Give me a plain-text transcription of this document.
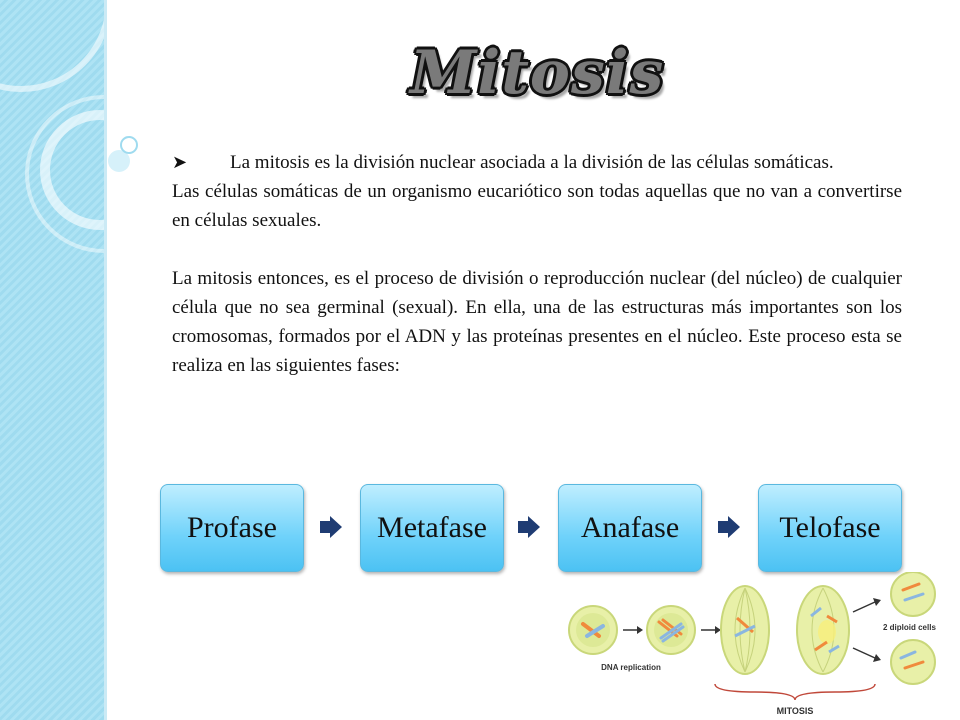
Mitosis
➤	La mitosis es la división nuclear asociada a la división de las células somáticas.

Las células somáticas de un organismo eucariótico son todas aquellas que no van a convertirse en células sexuales.

La mitosis entonces, es el proceso de división o reproducción nuclear (del núcleo) de cualquier célula que no sea germinal (sexual). En ella, una de las estructuras más importantes son los cromosomas, formados por el ADN y las proteínas presentes en el núcleo. Este proceso esta se realiza en las siguientes fases:

Profase	Metafase	Anafase	Telofase
DNA replication
2 diploid cells
MITOSIS
